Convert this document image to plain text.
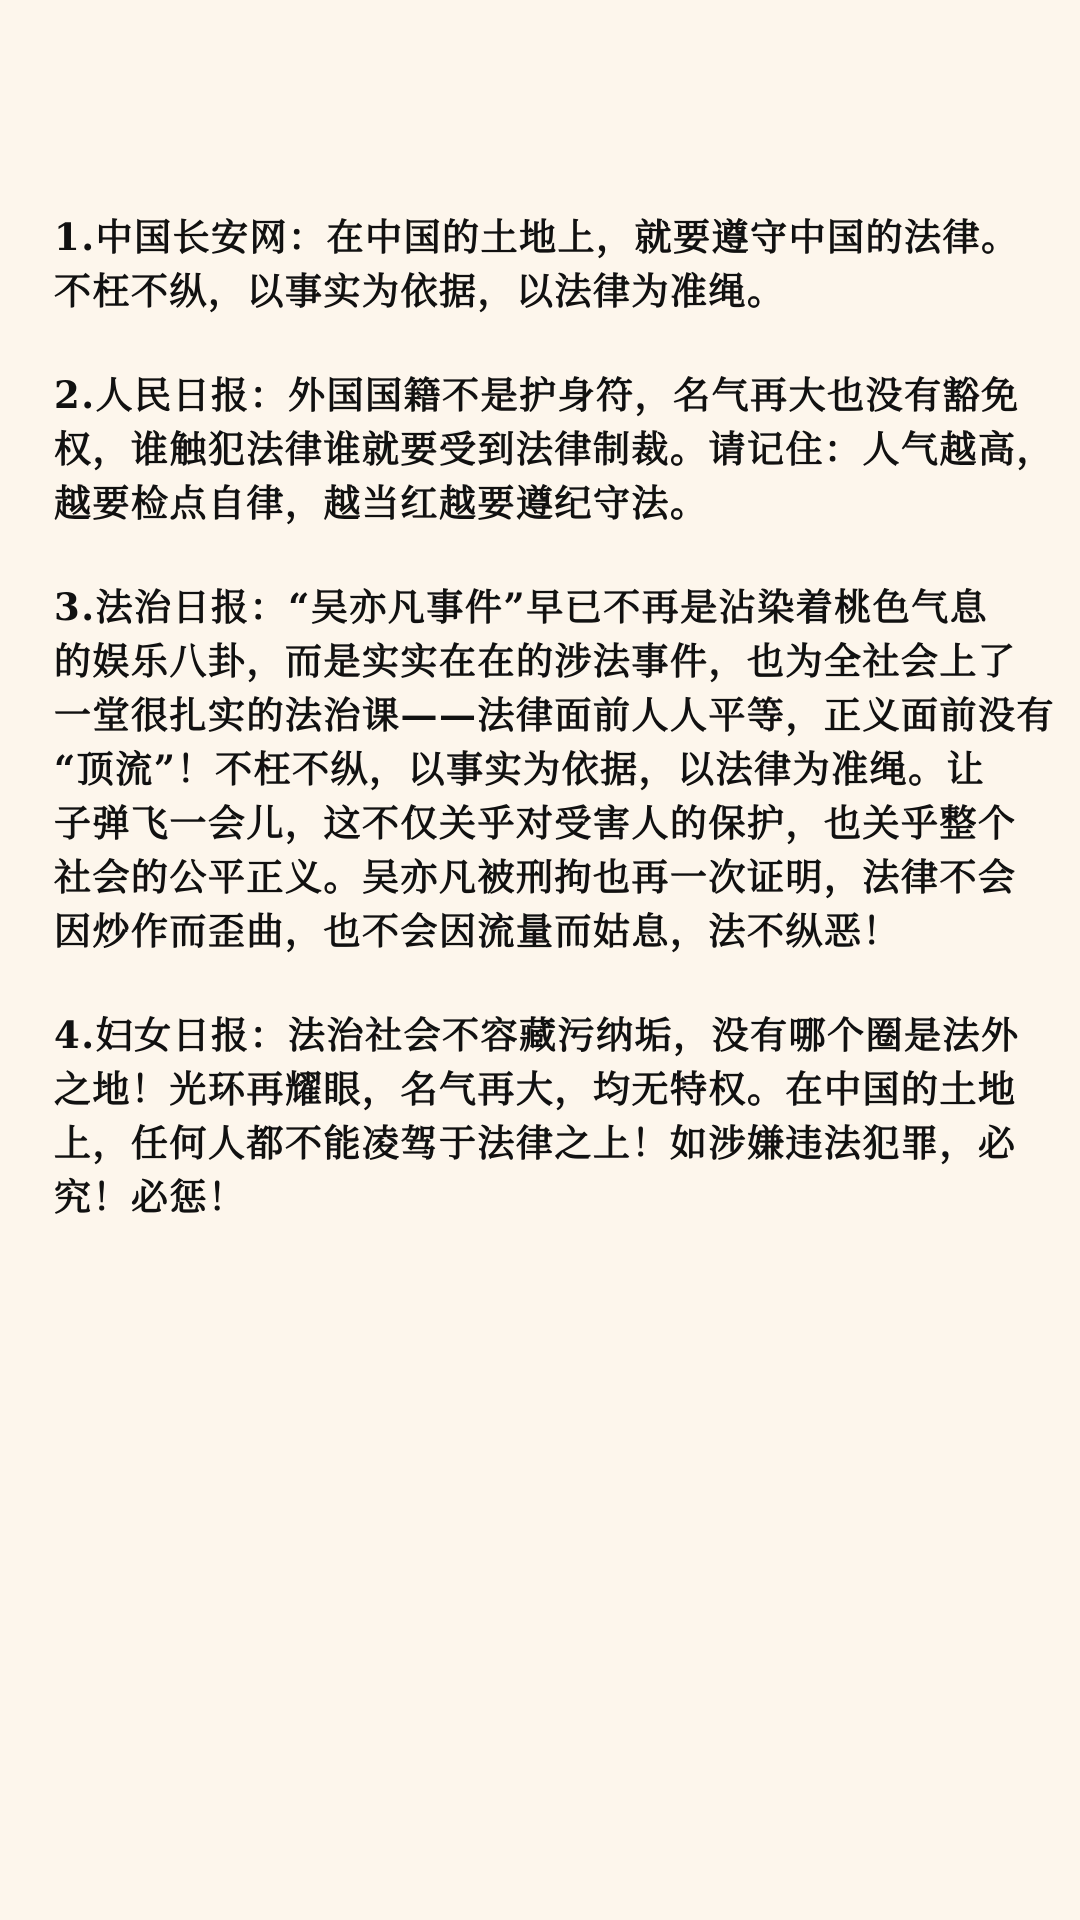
1.中国长安网：在中国的土地上，就要遵守中国的法律。
不枉不纵，以事实为依据，以法律为准绳。
2.人民日报：外国国籍不是护身符，名气再大也没有豁免
权，谁触犯法律谁就要受到法律制裁。请记住：人气越高，
越要检点自律，越当红越要遵纪守法。
3.法治日报：“吴亦凡事件”早已不再是沾染着桃色气息
的娱乐八卦，而是实实在在的涉法事件，也为全社会上了
一堂很扎实的法治课——法律面前人人平等，正义面前没有
“顶流”！不枉不纵，以事实为依据，以法律为准绳。让
子弹飞一会儿，这不仅关乎对受害人的保护，也关乎整个
社会的公平正义。吴亦凡被刑拘也再一次证明，法律不会
因炒作而歪曲，也不会因流量而姑息，法不纵恶！
4.妇女日报：法治社会不容藏污纳垢，没有哪个圈是法外
之地！光环再耀眼，名气再大，均无特权。在中国的土地
上，任何人都不能凌驾于法律之上！如涉嫌违法犯罪，必
究！必惩！
